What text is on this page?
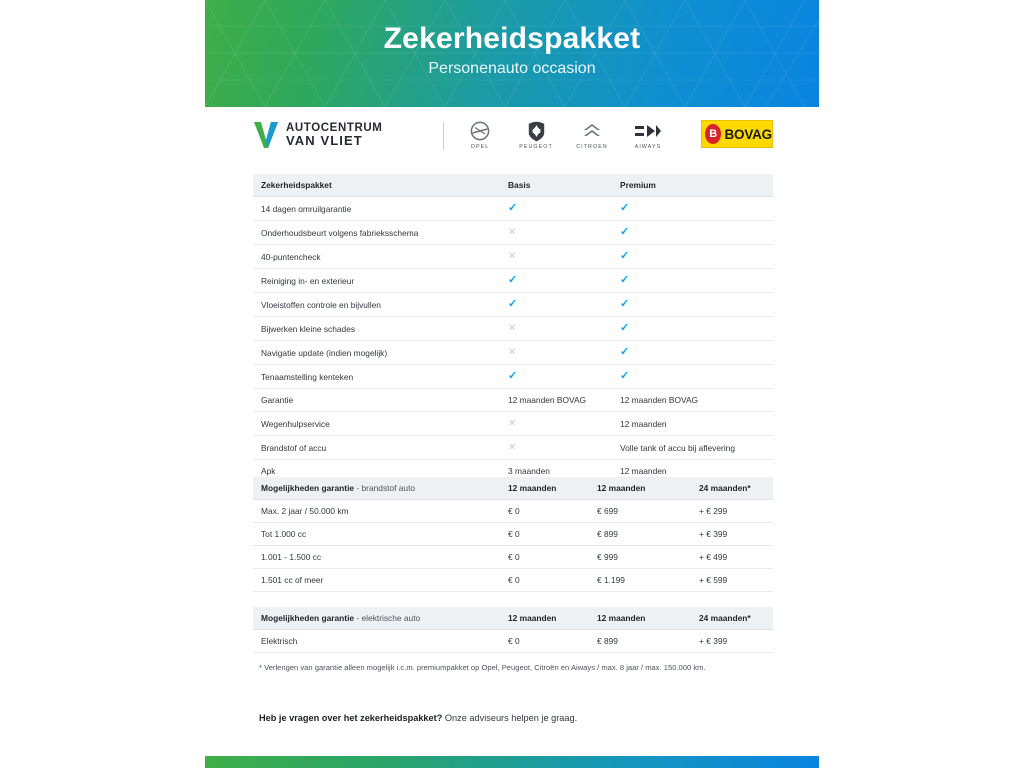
Zekerheidspakket
Personenauto occasion
AUTOCENTRUM
VAN VLIET	OPEL	PEUGEOT	CITROEN	AIWAYS
B BOVAG
Zekerheidspakket	Basis	Premium
14 dagen omruilgarantie	✓	✓
Onderhoudsbeurt volgens fabrieksschema	✕	✓
40-puntencheck	✕	✓
Reiniging in- en exterieur	✓	✓
Vloeistoffen controle en bijvullen	✓	✓
Bijwerken kleine schades	✕	✓
Navigatie update (indien mogelijk)	✕	✓
Tenaamstelling kenteken	✓	✓
Garantie	12 maanden BOVAG	12 maanden BOVAG
Wegenhulpservice	✕	12 maanden
Brandstof of accu	✕	Volle tank of accu bij aflevering
Apk	3 maanden	12 maanden
Mogelijkheden garantie - brandstof auto	12 maanden	12 maanden	24 maanden*
Max. 2 jaar / 50.000 km	€ 0	€ 699	+ € 299
Tot 1.000 cc	€ 0	€ 899	+ € 399
1.001 - 1.500 cc	€ 0	€ 999	+ € 499
1.501 cc of meer	€ 0	€ 1.199	+ € 599
Mogelijkheden garantie - elektrische auto	12 maanden	12 maanden	24 maanden*
Elektrisch	€ 0	€ 899	+ € 399
* Verlengen van garantie alleen mogelijk i.c.m. premiumpakket op Opel, Peugeot, Citroën en Aiways / max. 8 jaar / max. 150.000 km.
Heb je vragen over het zekerheidspakket? Onze adviseurs helpen je graag.
